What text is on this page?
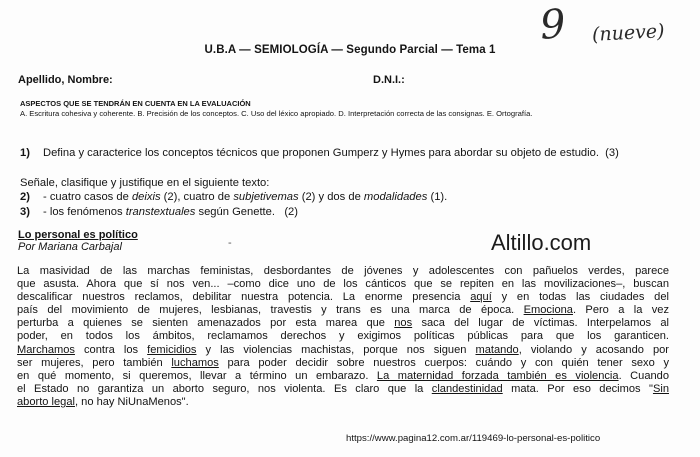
U.B.A — SEMIOLOGÍA — Segundo Parcial — Tema 1
9 (nueve)
Apellido, Nombre:	D.N.I.:
ASPECTOS QUE SE TENDRÁN EN CUENTA EN LA EVALUACIÓN
A. Escritura cohesiva y coherente. B. Precisión de los conceptos. C. Uso del léxico apropiado. D. Interpretación correcta de las consignas. E. Ortografía.
1) Defina y caracterice los conceptos técnicos que proponen Gumperz y Hymes para abordar su objeto de estudio. (3)
Señale, clasifique y justifique en el siguiente texto:
2) - cuatro casos de deixis (2), cuatro de subjetivemas (2) y dos de modalidades (1).
3) - los fenómenos transtextuales según Genette. (2)
Lo personal es político
Por Mariana Carbajal	-	Altillo.com
La masividad de las marchas feministas, desbordantes de jóvenes y adolescentes con pañuelos verdes, parece
que asusta. Ahora que sí nos ven... –como dice uno de los cánticos que se repiten en las movilizaciones–, buscan
descalificar nuestros reclamos, debilitar nuestra potencia. La enorme presencia aquí y en todas las ciudades del
país del movimiento de mujeres, lesbianas, travestis y trans es una marca de época. Emociona. Pero a la vez
perturba a quienes se sienten amenazados por esta marea que nos saca del lugar de víctimas. Interpelamos al
poder, en todos los ámbitos, reclamamos derechos y exigimos políticas públicas para que los garanticen.
Marchamos contra los femicidios y las violencias machistas, porque nos siguen matando, violando y acosando por
ser mujeres, pero también luchamos para poder decidir sobre nuestros cuerpos: cuándo y con quién tener sexo y
en qué momento, si queremos, llevar a término un embarazo. La maternidad forzada también es violencia. Cuando
el Estado no garantiza un aborto seguro, nos violenta. Es claro que la clandestinidad mata. Por eso decimos "Sin
aborto legal, no hay NiUnaMenos".
https://www.pagina12.com.ar/119469-lo-personal-es-politico
